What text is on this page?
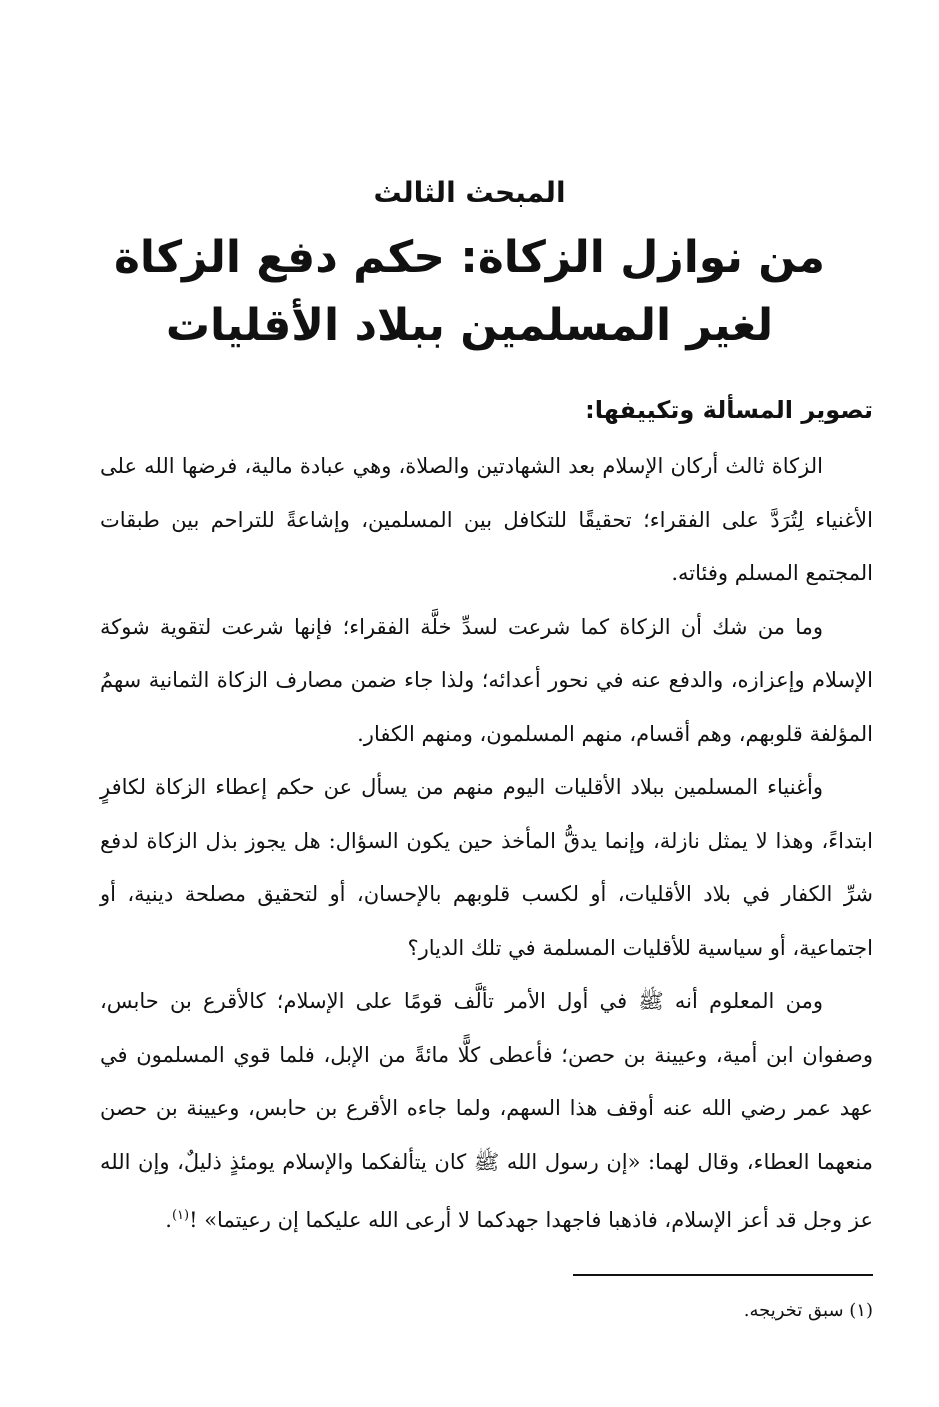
المبحث الثالث
من نوازل الزكاة: حكم دفع الزكاة
لغير المسلمين ببلاد الأقليات
تصوير المسألة وتكييفها:

الزكاة ثالث أركان الإسلام بعد الشهادتين والصلاة، وهي عبادة مالية، فرضها الله على الأغنياء لِتُرَدَّ على الفقراء؛ تحقيقًا للتكافل بين المسلمين، وإشاعةً للتراحم بين طبقات المجتمع المسلم وفئاته.

وما من شك أن الزكاة كما شرعت لسدِّ خلَّة الفقراء؛ فإنها شرعت لتقوية شوكة الإسلام وإعزازه، والدفع عنه في نحور أعدائه؛ ولذا جاء ضمن مصارف الزكاة الثمانية سهمُ المؤلفة قلوبهم، وهم أقسام، منهم المسلمون، ومنهم الكفار.

وأغنياء المسلمين ببلاد الأقليات اليوم منهم من يسأل عن حكم إعطاء الزكاة لكافرٍ ابتداءً، وهذا لا يمثل نازلة، وإنما يدقُّ المأخذ حين يكون السؤال: هل يجوز بذل الزكاة لدفع شرِّ الكفار في بلاد الأقليات، أو لكسب قلوبهم بالإحسان، أو لتحقيق مصلحة دينية، أو اجتماعية، أو سياسية للأقليات المسلمة في تلك الديار؟

ومن المعلوم أنه ﷺ في أول الأمر تألَّف قومًا على الإسلام؛ كالأقرع بن حابس، وصفوان ابن أمية، وعيينة بن حصن؛ فأعطى كلًّا مائةً من الإبل، فلما قوي المسلمون في عهد عمر رضي الله عنه أوقف هذا السهم، ولما جاءه الأقرع بن حابس، وعيينة بن حصن منعهما العطاء، وقال لهما: «إن رسول الله ﷺ كان يتألفكما والإسلام يومئذٍ ذليلٌ، وإن الله عز وجل قد أعز الإسلام، فاذهبا فاجهدا جهدكما لا أرعى الله عليكما إن رعيتما» !$^{(١)}$.

(١) سبق تخريجه.
